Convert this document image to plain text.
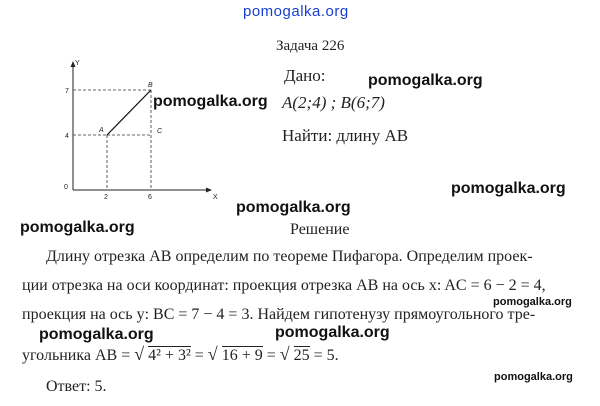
pomogalka.org
Y
X
0
7
4
2	6
A
B
C
Задача 226
Дано:
A(2;4) ; B(6;7)
Найти: длину AB
pomogalka.org
pomogalka.org
pomogalka.org
pomogalka.org
pomogalka.org
pomogalka.org
pomogalka.org	pomogalka.org
pomogalka.org
Решение
Длину отрезка AB определим по теореме Пифагора. Определим проек-
ции отрезка на оси координат: проекция отрезка AB на ось x: AC = 6 − 2 = 4,
проекция на ось y: BC = 7 − 4 = 3. Найдем гипотенузу прямоугольного тре-
угольника AB = √ 4² + 3² = √ 16 + 9 = √ 25 = 5.
Ответ: 5.
